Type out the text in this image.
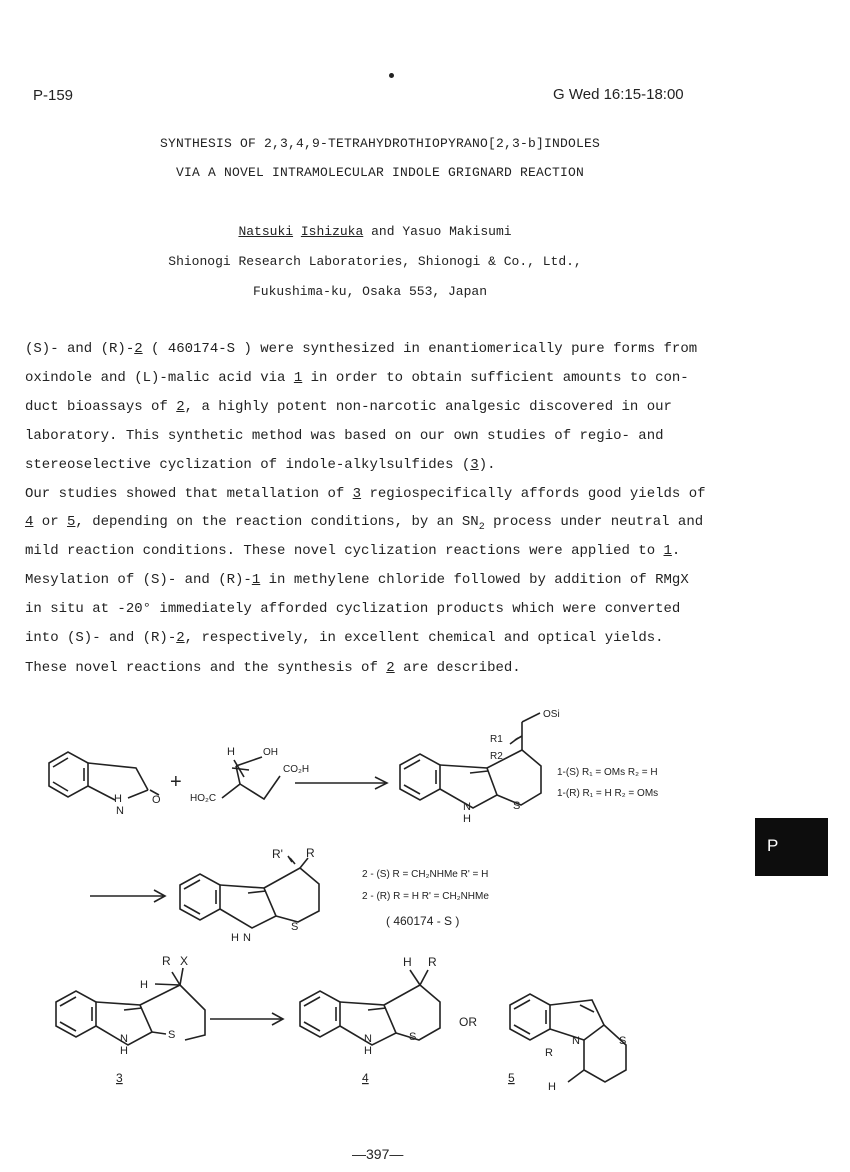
P-159	G Wed 16:15-18:00
SYNTHESIS OF 2,3,4,9-TETRAHYDROTHIOPYRANO[2,3-b]INDOLES
VIA A NOVEL INTRAMOLECULAR INDOLE GRIGNARD REACTION
Natsuki Ishizuka and Yasuo Makisumi
Shionogi Research Laboratories, Shionogi & Co., Ltd.,
Fukushima-ku, Osaka 553, Japan
(S)- and (R)-2 ( 460174-S ) were synthesized in enantiomerically pure forms from
oxindole and (L)-malic acid via 1 in order to obtain sufficient amounts to con-
duct bioassays of 2, a highly potent non-narcotic analgesic discovered in our
laboratory. This synthetic method was based on our own studies of regio- and
stereoselective cyclization of indole-alkylsulfides (3).
Our studies showed that metallation of 3 regiospecifically affords good yields of
4 or 5, depending on the reaction conditions, by an $SN_2$ process under neutral and
mild reaction conditions. These novel cyclization reactions were applied to 1.
Mesylation of (S)- and (R)-1 in methylene chloride followed by addition of RMgX
in situ at -20° immediately afforded cyclization products which were converted
into (S)- and (R)-2, respectively, in excellent chemical and optical yields.
These novel reactions and the synthesis of 2 are described.
N
H	O
+
H	OH
CO₂H
HO₂C
OSi
R1
R2
S
N
H
1-(S) R₁ = OMs R₂ = H
1-(R) R₁ = H R₂ = OMs
R' R
S
N
H
2 - (S) R = CH₂NHMe R' = H
2 - (R) R = H R' = CH₂NHMe
( 460174 - S )
R X
H
S
N
H
3
H R
S
N
H
OR
4
N	S
R
H
5
P
—397—
